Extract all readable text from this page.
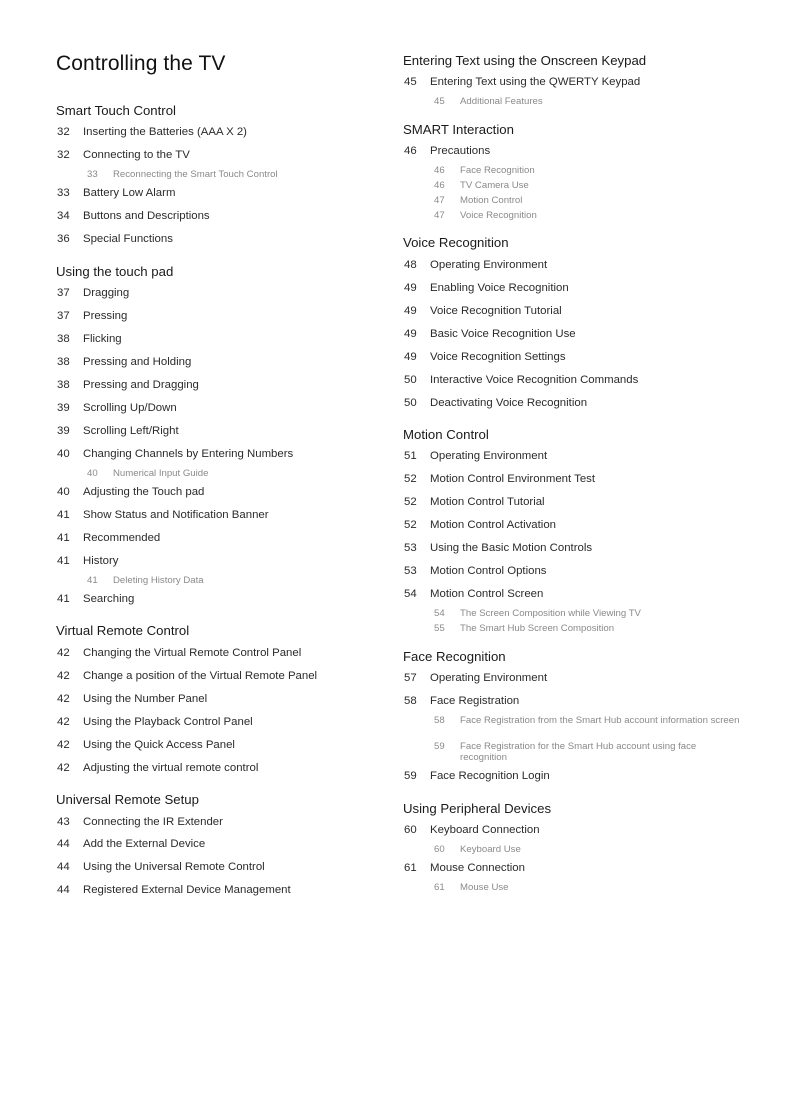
Controlling the TV
Smart Touch Control
32 Inserting the Batteries (AAA X 2)
32 Connecting to the TV
33 Reconnecting the Smart Touch Control
33 Battery Low Alarm
34 Buttons and Descriptions
36 Special Functions
Using the touch pad
37 Dragging
37 Pressing
38 Flicking
38 Pressing and Holding
38 Pressing and Dragging
39 Scrolling Up/Down
39 Scrolling Left/Right
40 Changing Channels by Entering Numbers
40 Numerical Input Guide
40 Adjusting the Touch pad
41 Show Status and Notification Banner
41 Recommended
41 History
41 Deleting History Data
41 Searching
Virtual Remote Control
42 Changing the Virtual Remote Control Panel
42 Change a position of the Virtual Remote Panel
42 Using the Number Panel
42 Using the Playback Control Panel
42 Using the Quick Access Panel
42 Adjusting the virtual remote control
Universal Remote Setup
43 Connecting the IR Extender
44 Add the External Device
44 Using the Universal Remote Control
44 Registered External Device Management
Entering Text using the Onscreen Keypad
45 Entering Text using the QWERTY Keypad
45 Additional Features
SMART Interaction
46 Precautions
46 Face Recognition
46 TV Camera Use
47 Motion Control
47 Voice Recognition
Voice Recognition
48 Operating Environment
49 Enabling Voice Recognition
49 Voice Recognition Tutorial
49 Basic Voice Recognition Use
49 Voice Recognition Settings
50 Interactive Voice Recognition Commands
50 Deactivating Voice Recognition
Motion Control
51 Operating Environment
52 Motion Control Environment Test
52 Motion Control Tutorial
52 Motion Control Activation
53 Using the Basic Motion Controls
53 Motion Control Options
54 Motion Control Screen
54 The Screen Composition while Viewing TV
55 The Smart Hub Screen Composition
Face Recognition
57 Operating Environment
58 Face Registration
58 Face Registration from the Smart Hub account information screen
59 Face Registration for the Smart Hub account using face recognition
59 Face Recognition Login
Using Peripheral Devices
60 Keyboard Connection
60 Keyboard Use
61 Mouse Connection
61 Mouse Use
